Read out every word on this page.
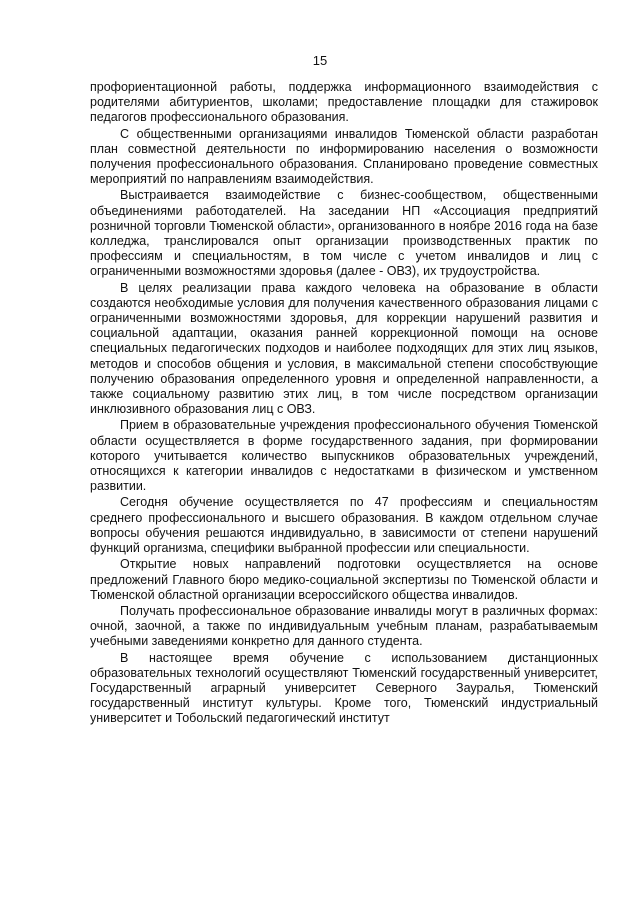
15

профориентационной работы, поддержка информационного взаимодействия с родителями абитуриентов, школами; предоставление площадки для стажировок педагогов профессионального образования.

С общественными организациями инвалидов Тюменской области разработан план совместной деятельности по информированию населения о возможности получения профессионального образования. Спланировано проведение совместных мероприятий по направлениям взаимодействия.

Выстраивается взаимодействие с бизнес-сообществом, общественными объединениями работодателей. На заседании НП «Ассоциация предприятий розничной торговли Тюменской области», организованного в ноябре 2016 года на базе колледжа, транслировался опыт организации производственных практик по профессиям и специальностям, в том числе с учетом инвалидов и лиц с ограниченными возможностями здоровья (далее - ОВЗ), их трудоустройства.

В целях реализации права каждого человека на образование в области создаются необходимые условия для получения качественного образования лицами с ограниченными возможностями здоровья, для коррекции нарушений развития и социальной адаптации, оказания ранней коррекционной помощи на основе специальных педагогических подходов и наиболее подходящих для этих лиц языков, методов и способов общения и условия, в максимальной степени способствующие получению образования определенного уровня и определенной направленности, а также социальному развитию этих лиц, в том числе посредством организации инклюзивного образования лиц с ОВЗ.

Прием в образовательные учреждения профессионального обучения Тюменской области осуществляется в форме государственного задания, при формировании которого учитывается количество выпускников образовательных учреждений, относящихся к категории инвалидов с недостатками в физическом и умственном развитии.

Сегодня обучение осуществляется по 47 профессиям и специальностям среднего профессионального и высшего образования. В каждом отдельном случае вопросы обучения решаются индивидуально, в зависимости от степени нарушений функций организма, специфики выбранной профессии или специальности.

Открытие новых направлений подготовки осуществляется на основе предложений Главного бюро медико-социальной экспертизы по Тюменской области и Тюменской областной организации всероссийского общества инвалидов.

Получать профессиональное образование инвалиды могут в различных формах: очной, заочной, а также по индивидуальным учебным планам, разрабатываемым учебными заведениями конкретно для данного студента.

В настоящее время обучение с использованием дистанционных образовательных технологий осуществляют Тюменский государственный университет, Государственный аграрный университет Северного Зауралья, Тюменский государственный институт культуры. Кроме того, Тюменский индустриальный университет и Тобольский педагогический институт
